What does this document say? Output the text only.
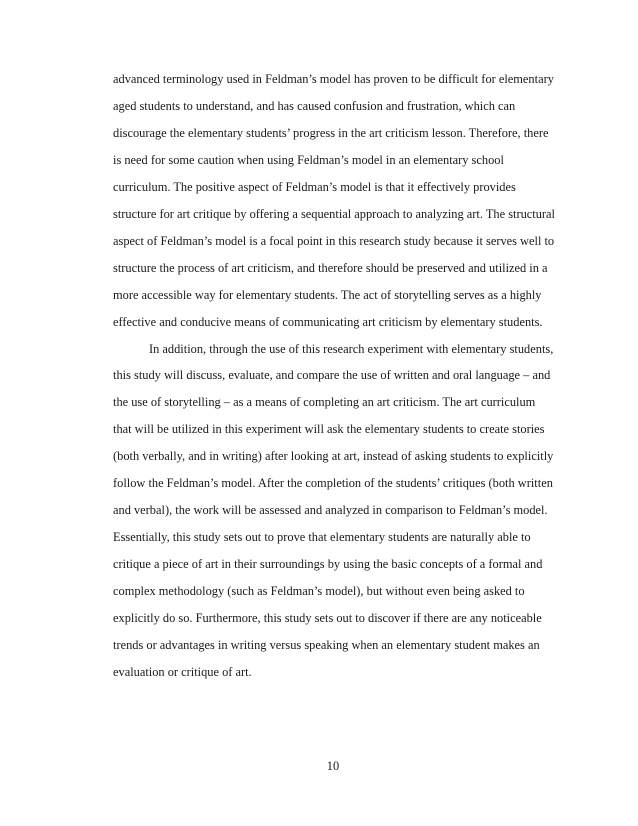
advanced terminology used in Feldman’s model has proven to be difficult for elementary
aged students to understand, and has caused confusion and frustration, which can
discourage the elementary students’ progress in the art criticism lesson. Therefore, there
is need for some caution when using Feldman’s model in an elementary school
curriculum. The positive aspect of Feldman’s model is that it effectively provides
structure for art critique by offering a sequential approach to analyzing art. The structural
aspect of Feldman’s model is a focal point in this research study because it serves well to
structure the process of art criticism, and therefore should be preserved and utilized in a
more accessible way for elementary students. The act of storytelling serves as a highly
effective and conducive means of communicating art criticism by elementary students.
In addition, through the use of this research experiment with elementary students,
this study will discuss, evaluate, and compare the use of written and oral language – and
the use of storytelling – as a means of completing an art criticism. The art curriculum
that will be utilized in this experiment will ask the elementary students to create stories
(both verbally, and in writing) after looking at art, instead of asking students to explicitly
follow the Feldman’s model. After the completion of the students’ critiques (both written
and verbal), the work will be assessed and analyzed in comparison to Feldman’s model.
Essentially, this study sets out to prove that elementary students are naturally able to
critique a piece of art in their surroundings by using the basic concepts of a formal and
complex methodology (such as Feldman’s model), but without even being asked to
explicitly do so. Furthermore, this study sets out to discover if there are any noticeable
trends or advantages in writing versus speaking when an elementary student makes an
evaluation or critique of art.
10
